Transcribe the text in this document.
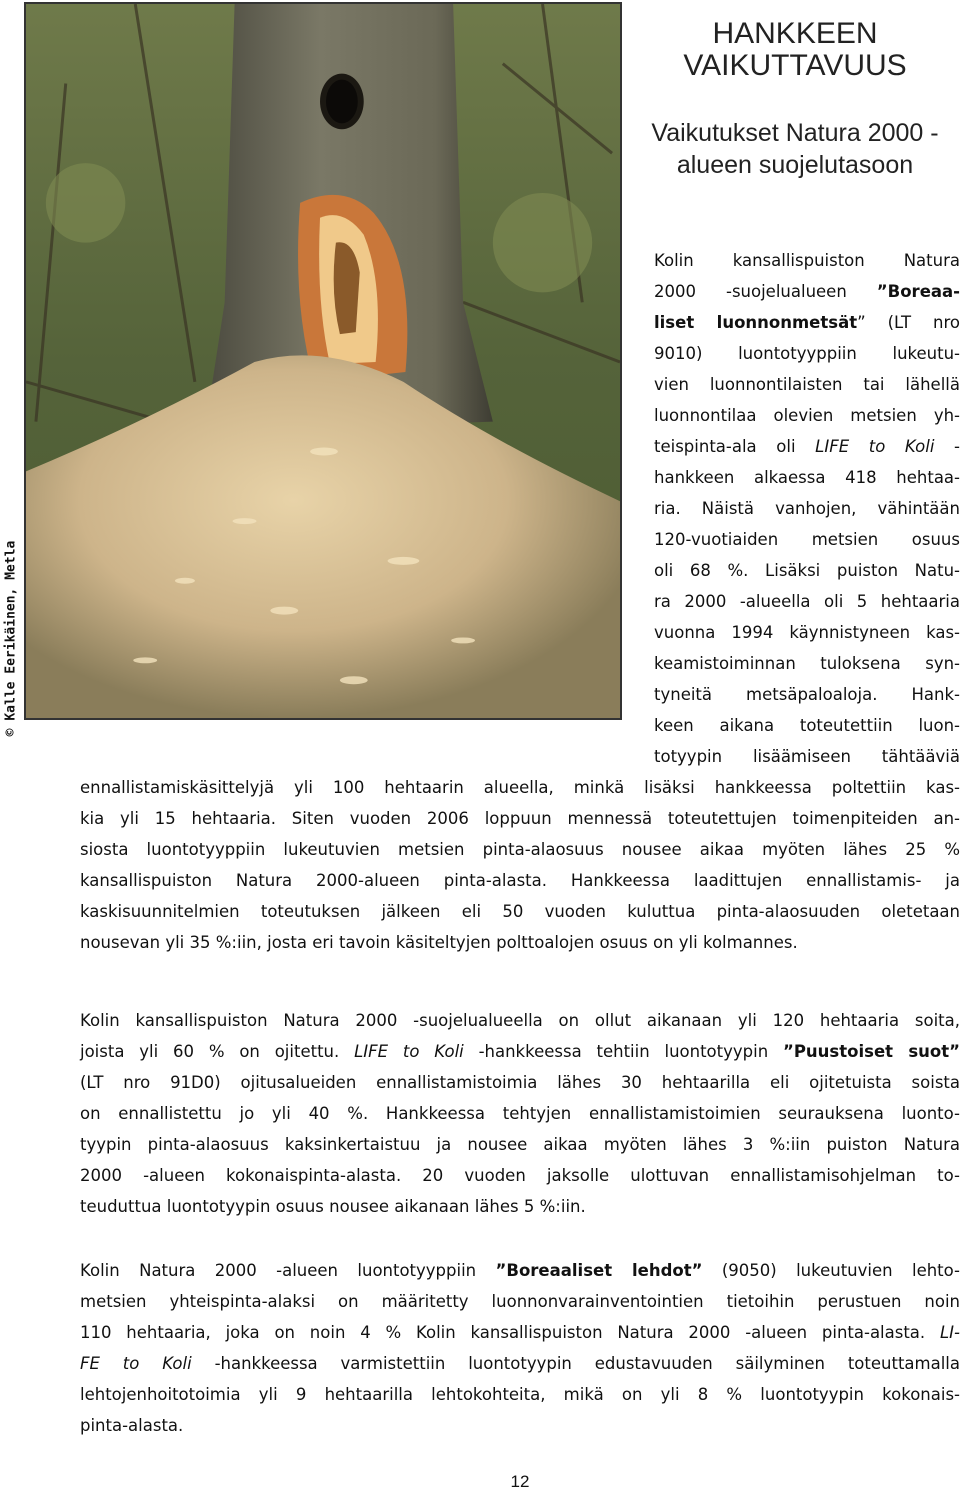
© Kalle Eerikäinen, Metla
HANKKEEN VAIKUTTAVUUS
Vaikutukset Natura 2000 -alueen suojelutasoon
Kolin kansallispuiston Natura
2000 -suojelualueen ”Boreaa-
liset luonnonmetsät” (LT nro
9010) luontotyyppiin lukeutu-
vien luonnontilaisten tai lähellä
luonnontilaa olevien metsien yh-
teispinta-ala oli LIFE to Koli -
hankkeen alkaessa 418 hehtaa-
ria. Näistä vanhojen, vähintään
120-vuotiaiden metsien osuus
oli 68 %. Lisäksi puiston Natu-
ra 2000 -alueella oli 5 hehtaaria
vuonna 1994 käynnistyneen kas-
keamistoiminnan tuloksena syn-
tyneitä metsäpaloaloja. Hank-
keen aikana toteutettiin luon-
totyypin lisäämiseen tähtääviä
ennallistamiskäsittelyjä yli 100 hehtaarin alueella, minkä lisäksi hankkeessa poltettiin kas-
kia yli 15 hehtaaria. Siten vuoden 2006 loppuun mennessä toteutettujen toimenpiteiden an-
siosta luontotyyppiin lukeutuvien metsien pinta-alaosuus nousee aikaa myöten lähes 25 %
kansallispuiston Natura 2000-alueen pinta-alasta. Hankkeessa laadittujen ennallistamis- ja
kaskisuunnitelmien toteutuksen jälkeen eli 50 vuoden kuluttua pinta-alaosuuden oletetaan
nousevan yli 35 %:iin, josta eri tavoin käsiteltyjen polttoalojen osuus on yli kolmannes.
Kolin kansallispuiston Natura 2000 -suojelualueella on ollut aikanaan yli 120 hehtaaria soita,
joista yli 60 % on ojitettu. LIFE to Koli -hankkeessa tehtiin luontotyypin ”Puustoiset suot”
(LT nro 91D0) ojitusalueiden ennallistamistoimia lähes 30 hehtaarilla eli ojitetuista soista
on ennallistettu jo yli 40 %. Hankkeessa tehtyjen ennallistamistoimien seurauksena luonto-
tyypin pinta-alaosuus kaksinkertaistuu ja nousee aikaa myöten lähes 3 %:iin puiston Natura
2000 -alueen kokonaispinta-alasta. 20 vuoden jaksolle ulottuvan ennallistamisohjelman to-
teuduttua luontotyypin osuus nousee aikanaan lähes 5 %:iin.
Kolin Natura 2000 -alueen luontotyyppiin ”Boreaaliset lehdot” (9050) lukeutuvien lehto-
metsien yhteispinta-alaksi on määritetty luonnonvarainventointien tietoihin perustuen noin
110 hehtaaria, joka on noin 4 % Kolin kansallispuiston Natura 2000 -alueen pinta-alasta. LI-
FE to Koli -hankkeessa varmistettiin luontotyypin edustavuuden säilyminen toteuttamalla
lehtojenhoitotoimia yli 9 hehtaarilla lehtokohteita, mikä on yli 8 % luontotyypin kokonais-
pinta-alasta.
12
